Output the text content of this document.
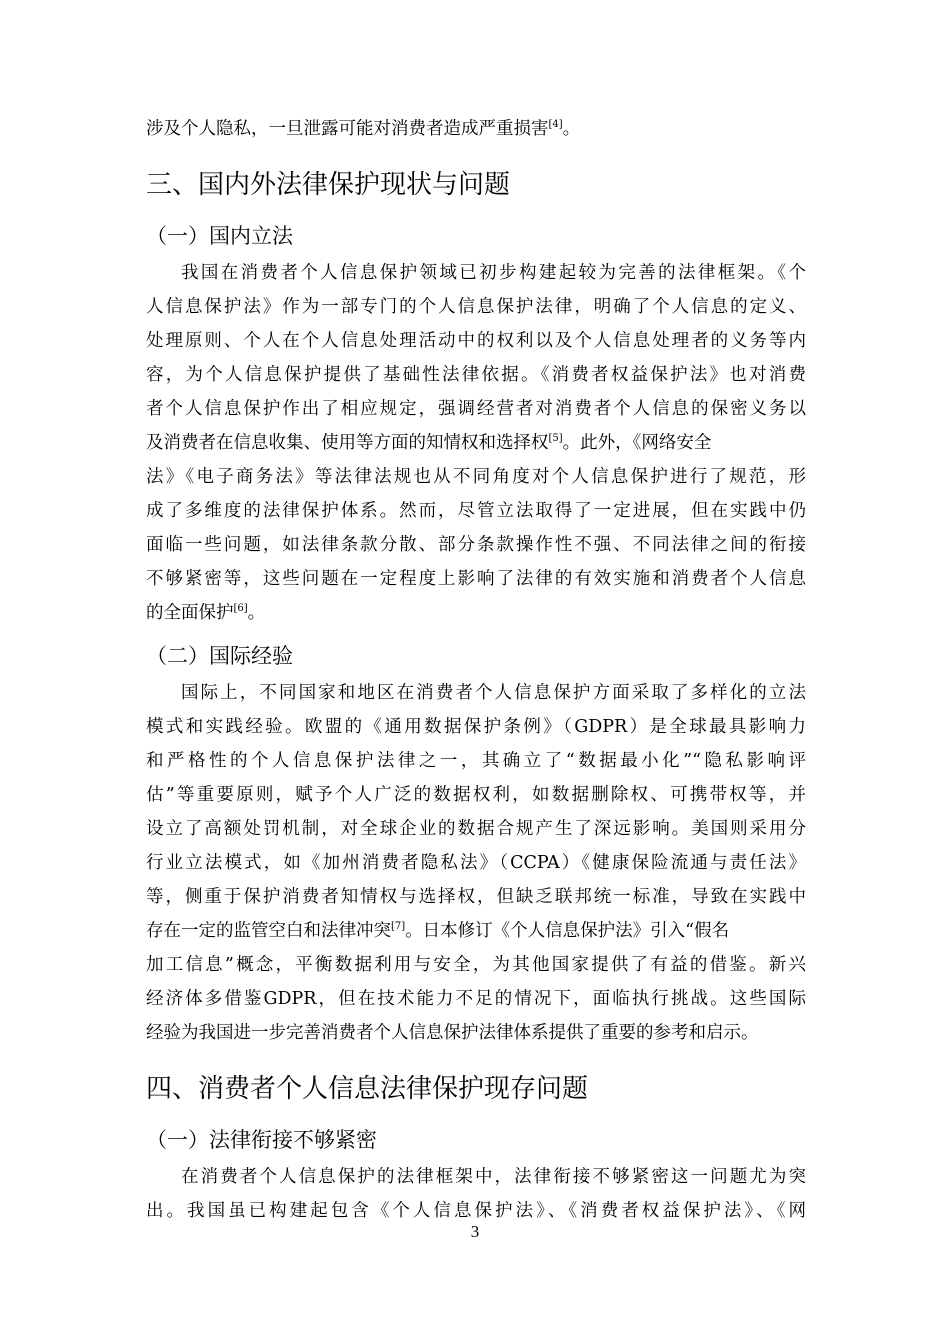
涉及个人隐私，一旦泄露可能对消费者造成严重损害[4]。
三、国内外法律保护现状与问题
（一）国内立法
我国在消费者个人信息保护领域已初步构建起较为完善的法律框架。《个
人信息保护法》作为一部专门的个人信息保护法律，明确了个人信息的定义、
处理原则、个人在个人信息处理活动中的权利以及个人信息处理者的义务等内
容，为个人信息保护提供了基础性法律依据。《消费者权益保护法》也对消费
者个人信息保护作出了相应规定，强调经营者对消费者个人信息的保密义务以
及消费者在信息收集、使用等方面的知情权和选择权[5]。此外，《网络安全
法》《电子商务法》等法律法规也从不同角度对个人信息保护进行了规范，形
成了多维度的法律保护体系。然而，尽管立法取得了一定进展，但在实践中仍
面临一些问题，如法律条款分散、部分条款操作性不强、不同法律之间的衔接
不够紧密等，这些问题在一定程度上影响了法律的有效实施和消费者个人信息
的全面保护[6]。
（二）国际经验
国际上，不同国家和地区在消费者个人信息保护方面采取了多样化的立法
模式和实践经验。欧盟的《通用数据保护条例》（GDPR）是全球最具影响力
和严格性的个人信息保护法律之一，其确立了“数据最小化”“隐私影响评
估”等重要原则，赋予个人广泛的数据权利，如数据删除权、可携带权等，并
设立了高额处罚机制，对全球企业的数据合规产生了深远影响。美国则采用分
行业立法模式，如《加州消费者隐私法》（CCPA）《健康保险流通与责任法》
等，侧重于保护消费者知情权与选择权，但缺乏联邦统一标准，导致在实践中
存在一定的监管空白和法律冲突[7]。日本修订《个人信息保护法》引入“假名
加工信息”概念，平衡数据利用与安全，为其他国家提供了有益的借鉴。新兴
经济体多借鉴GDPR，但在技术能力不足的情况下，面临执行挑战。这些国际
经验为我国进一步完善消费者个人信息保护法律体系提供了重要的参考和启示。
四、消费者个人信息法律保护现存问题
（一）法律衔接不够紧密
在消费者个人信息保护的法律框架中，法律衔接不够紧密这一问题尤为突
出。我国虽已构建起包含《个人信息保护法》、《消费者权益保护法》、《网
3
